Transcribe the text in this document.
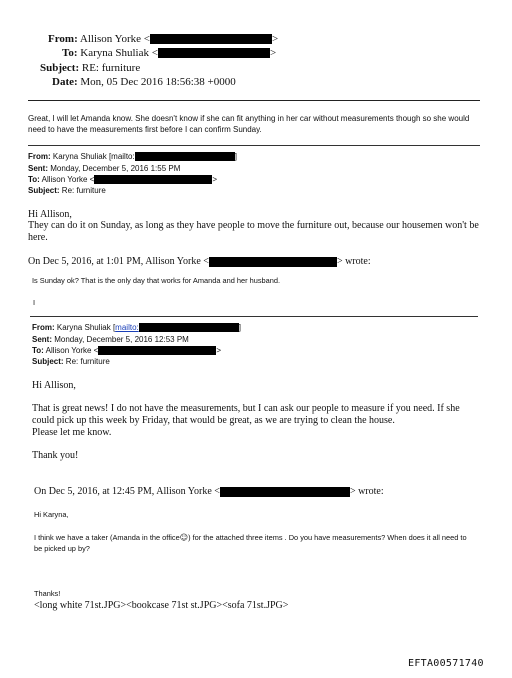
From: Allison Yorke <	>
To: Karyna Shuliak <	>
Subject: RE: furniture
Date: Mon, 05 Dec 2016 18:56:38 +0000
Great, I will let Amanda know. She doesn't know if she can fit anything in her car without measurements though so she would need to have the measurements first before I can confirm Sunday.
From: Karyna Shuliak [mailto:	]
Sent: Monday, December 5, 2016 1:55 PM
To: Allison Yorke <	>
Subject: Re: furniture
Hi Allison,
They can do it on Sunday, as long as they have people to move the furniture out, because our housemen won't be here.
On Dec 5, 2016, at 1:01 PM, Allison Yorke <	> wrote:
Is Sunday ok? That is the only day that works for Amanda and her husband.
I
From: Karyna Shuliak [mailto:	]
Sent: Monday, December 5, 2016 12:53 PM
To: Allison Yorke <	>
Subject: Re: furniture
Hi Allison,
That is great news! I do not have the measurements, but I can ask our people to measure if you need. If she could pick up this week by Friday, that would be great, as we are trying to clean the house.
Please let me know.
Thank you!
On Dec 5, 2016, at 12:45 PM, Allison Yorke <	> wrote:
Hi Karyna,
I think we have a taker (Amanda in the office☺) for the attached three items . Do you have measurements? When does it all need to be picked up by?
Thanks!
<long white 71st.JPG><bookcase 71st st.JPG><sofa 71st.JPG>
EFTA00571740
